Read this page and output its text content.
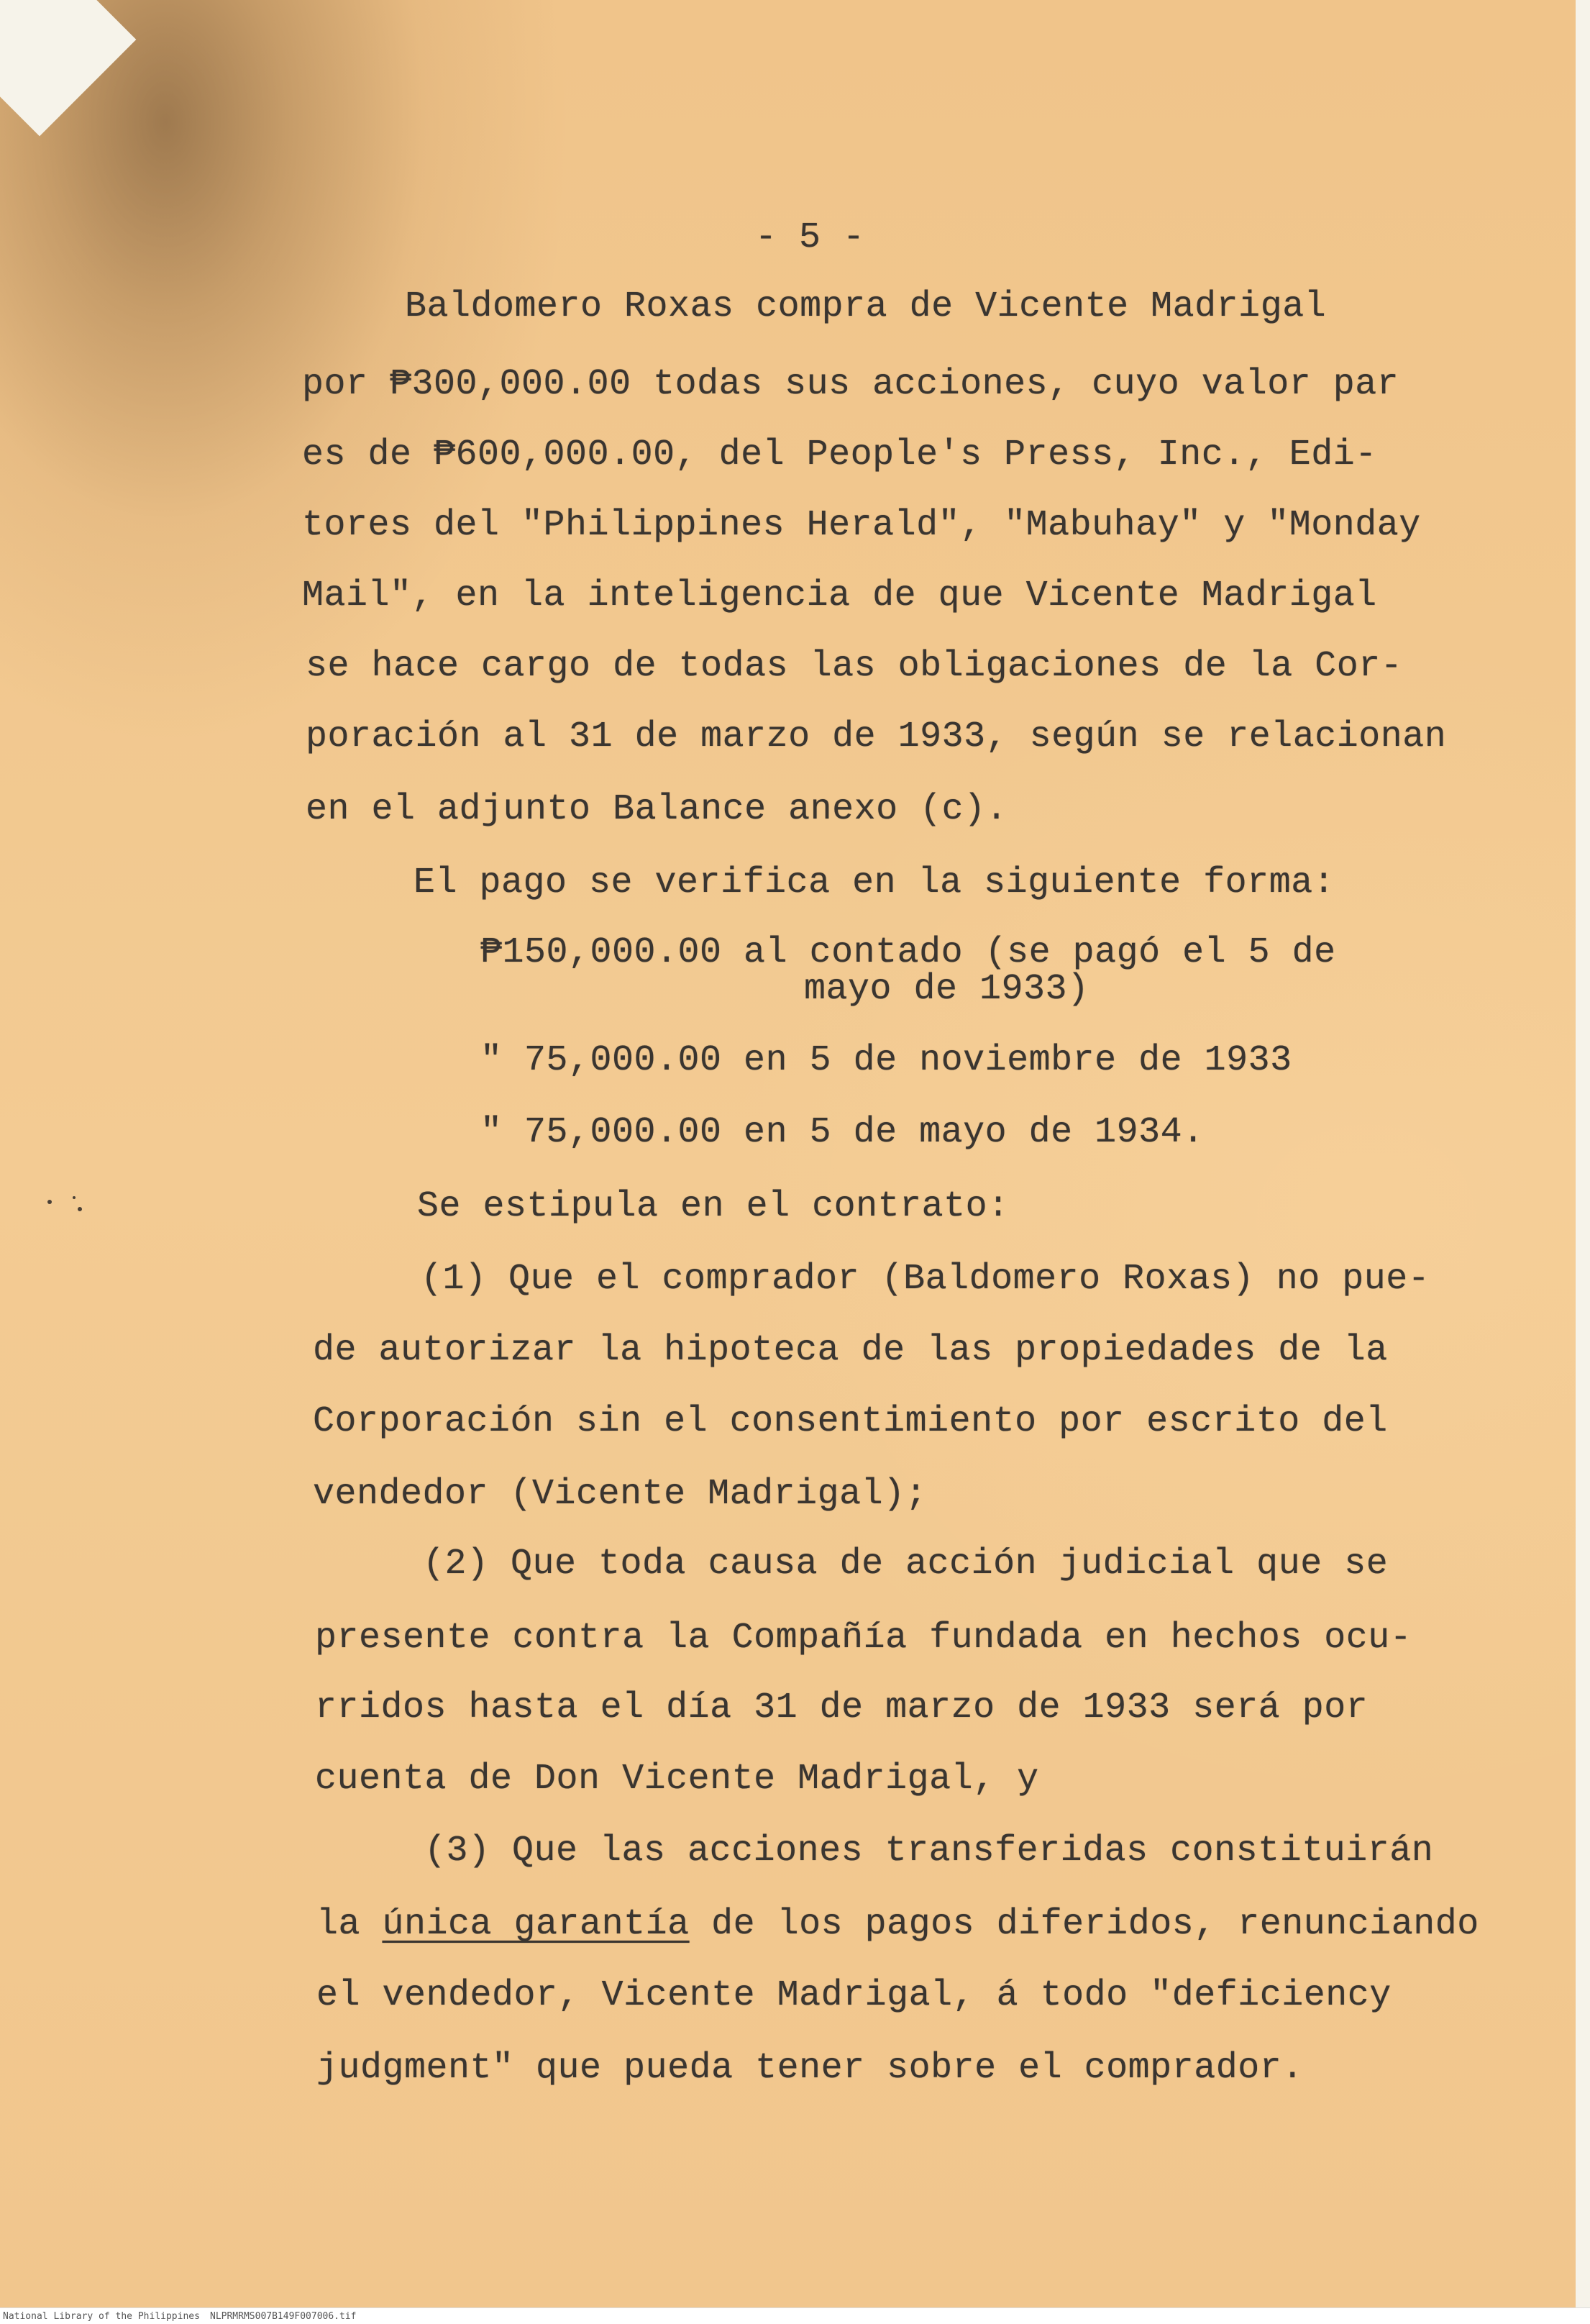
- 5 -
Baldomero Roxas compra de Vicente Madrigal
por ₱300,000.00 todas sus acciones, cuyo valor par
es de ₱600,000.00, del People's Press, Inc., Edi-
tores del "Philippines Herald", "Mabuhay" y "Monday
Mail", en la inteligencia de que Vicente Madrigal
se hace cargo de todas las obligaciones de la Cor-
poración al 31 de marzo de 1933, según se relacionan
en el adjunto Balance anexo (c).
El pago se verifica en la siguiente forma:
₱150,000.00 al contado (se pagó el 5 de
mayo de 1933)
" 75,000.00 en 5 de noviembre de 1933
" 75,000.00 en 5 de mayo de 1934.
Se estipula en el contrato:
(1) Que el comprador (Baldomero Roxas) no pue-
de autorizar la hipoteca de las propiedades de la
Corporación sin el consentimiento por escrito del
vendedor (Vicente Madrigal);
(2) Que toda causa de acción judicial que se
presente contra la Compañía fundada en hechos ocu-
rridos hasta el día 31 de marzo de 1933 será por
cuenta de Don Vicente Madrigal, y
(3) Que las acciones transferidas constituirán
la única garantía de los pagos diferidos, renunciando
el vendedor, Vicente Madrigal, á todo "deficiency
judgment" que pueda tener sobre el comprador.
National Library of the Philippines NLPRMRMS007B149F007006.tif
